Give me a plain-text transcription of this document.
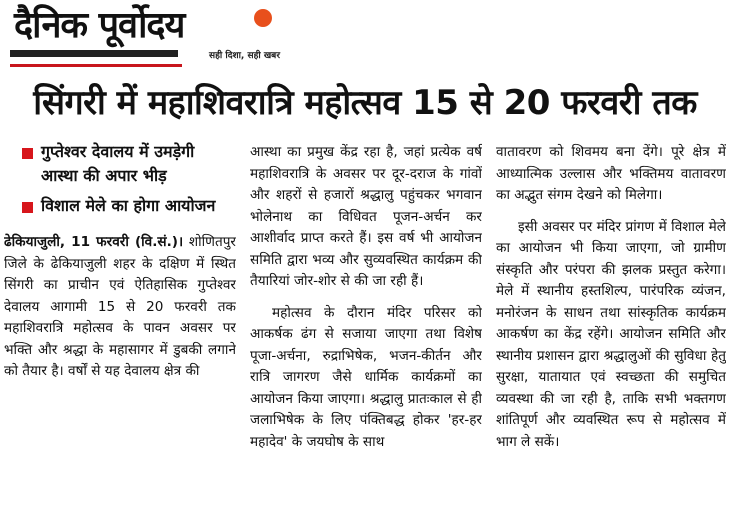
दैनिक पूर्वोदय
सही दिशा, सही खबर
सिंगरी में महाशिवरात्रि महोत्सव 15 से 20 फरवरी तक
गुप्तेश्वर देवालय में उमड़ेगी आस्था की अपार भीड़
विशाल मेले का होगा आयोजन

ढेकियाजुली, 11 फरवरी (वि.सं.)। शोणितपुर जिले के ढेकियाजुली शहर के दक्षिण में स्थित सिंगरी का प्राचीन एवं ऐतिहासिक गुप्तेश्वर देवालय आगामी 15 से 20 फरवरी तक महाशिवरात्रि महोत्सव के पावन अवसर पर भक्ति और श्रद्धा के महासागर में डुबकी लगाने को तैयार है। वर्षों से यह देवालय क्षेत्र की

आस्था का प्रमुख केंद्र रहा है, जहां प्रत्येक वर्ष महाशिवरात्रि के अवसर पर दूर-दराज के गांवों और शहरों से हजारों श्रद्धालु पहुंचकर भगवान भोलेनाथ का विधिवत पूजन-अर्चन कर आशीर्वाद प्राप्त करते हैं। इस वर्ष भी आयोजन समिति द्वारा भव्य और सुव्यवस्थित कार्यक्रम की तैयारियां जोर-शोर से की जा रही हैं।

महोत्सव के दौरान मंदिर परिसर को आकर्षक ढंग से सजाया जाएगा तथा विशेष पूजा-अर्चना, रुद्राभिषेक, भजन-कीर्तन और रात्रि जागरण जैसे धार्मिक कार्यक्रमों का आयोजन किया जाएगा। श्रद्धालु प्रातःकाल से ही जलाभिषेक के लिए पंक्तिबद्ध होकर 'हर-हर महादेव' के जयघोष के साथ

वातावरण को शिवमय बना देंगे। पूरे क्षेत्र में आध्यात्मिक उल्लास और भक्तिमय वातावरण का अद्भुत संगम देखने को मिलेगा।

इसी अवसर पर मंदिर प्रांगण में विशाल मेले का आयोजन भी किया जाएगा, जो ग्रामीण संस्कृति और परंपरा की झलक प्रस्तुत करेगा। मेले में स्थानीय हस्तशिल्प, पारंपरिक व्यंजन, मनोरंजन के साधन तथा सांस्कृतिक कार्यक्रम आकर्षण का केंद्र रहेंगे। आयोजन समिति और स्थानीय प्रशासन द्वारा श्रद्धालुओं की सुविधा हेतु सुरक्षा, यातायात एवं स्वच्छता की समुचित व्यवस्था की जा रही है, ताकि सभी भक्तगण शांतिपूर्ण और व्यवस्थित रूप से महोत्सव में भाग ले सकें।
